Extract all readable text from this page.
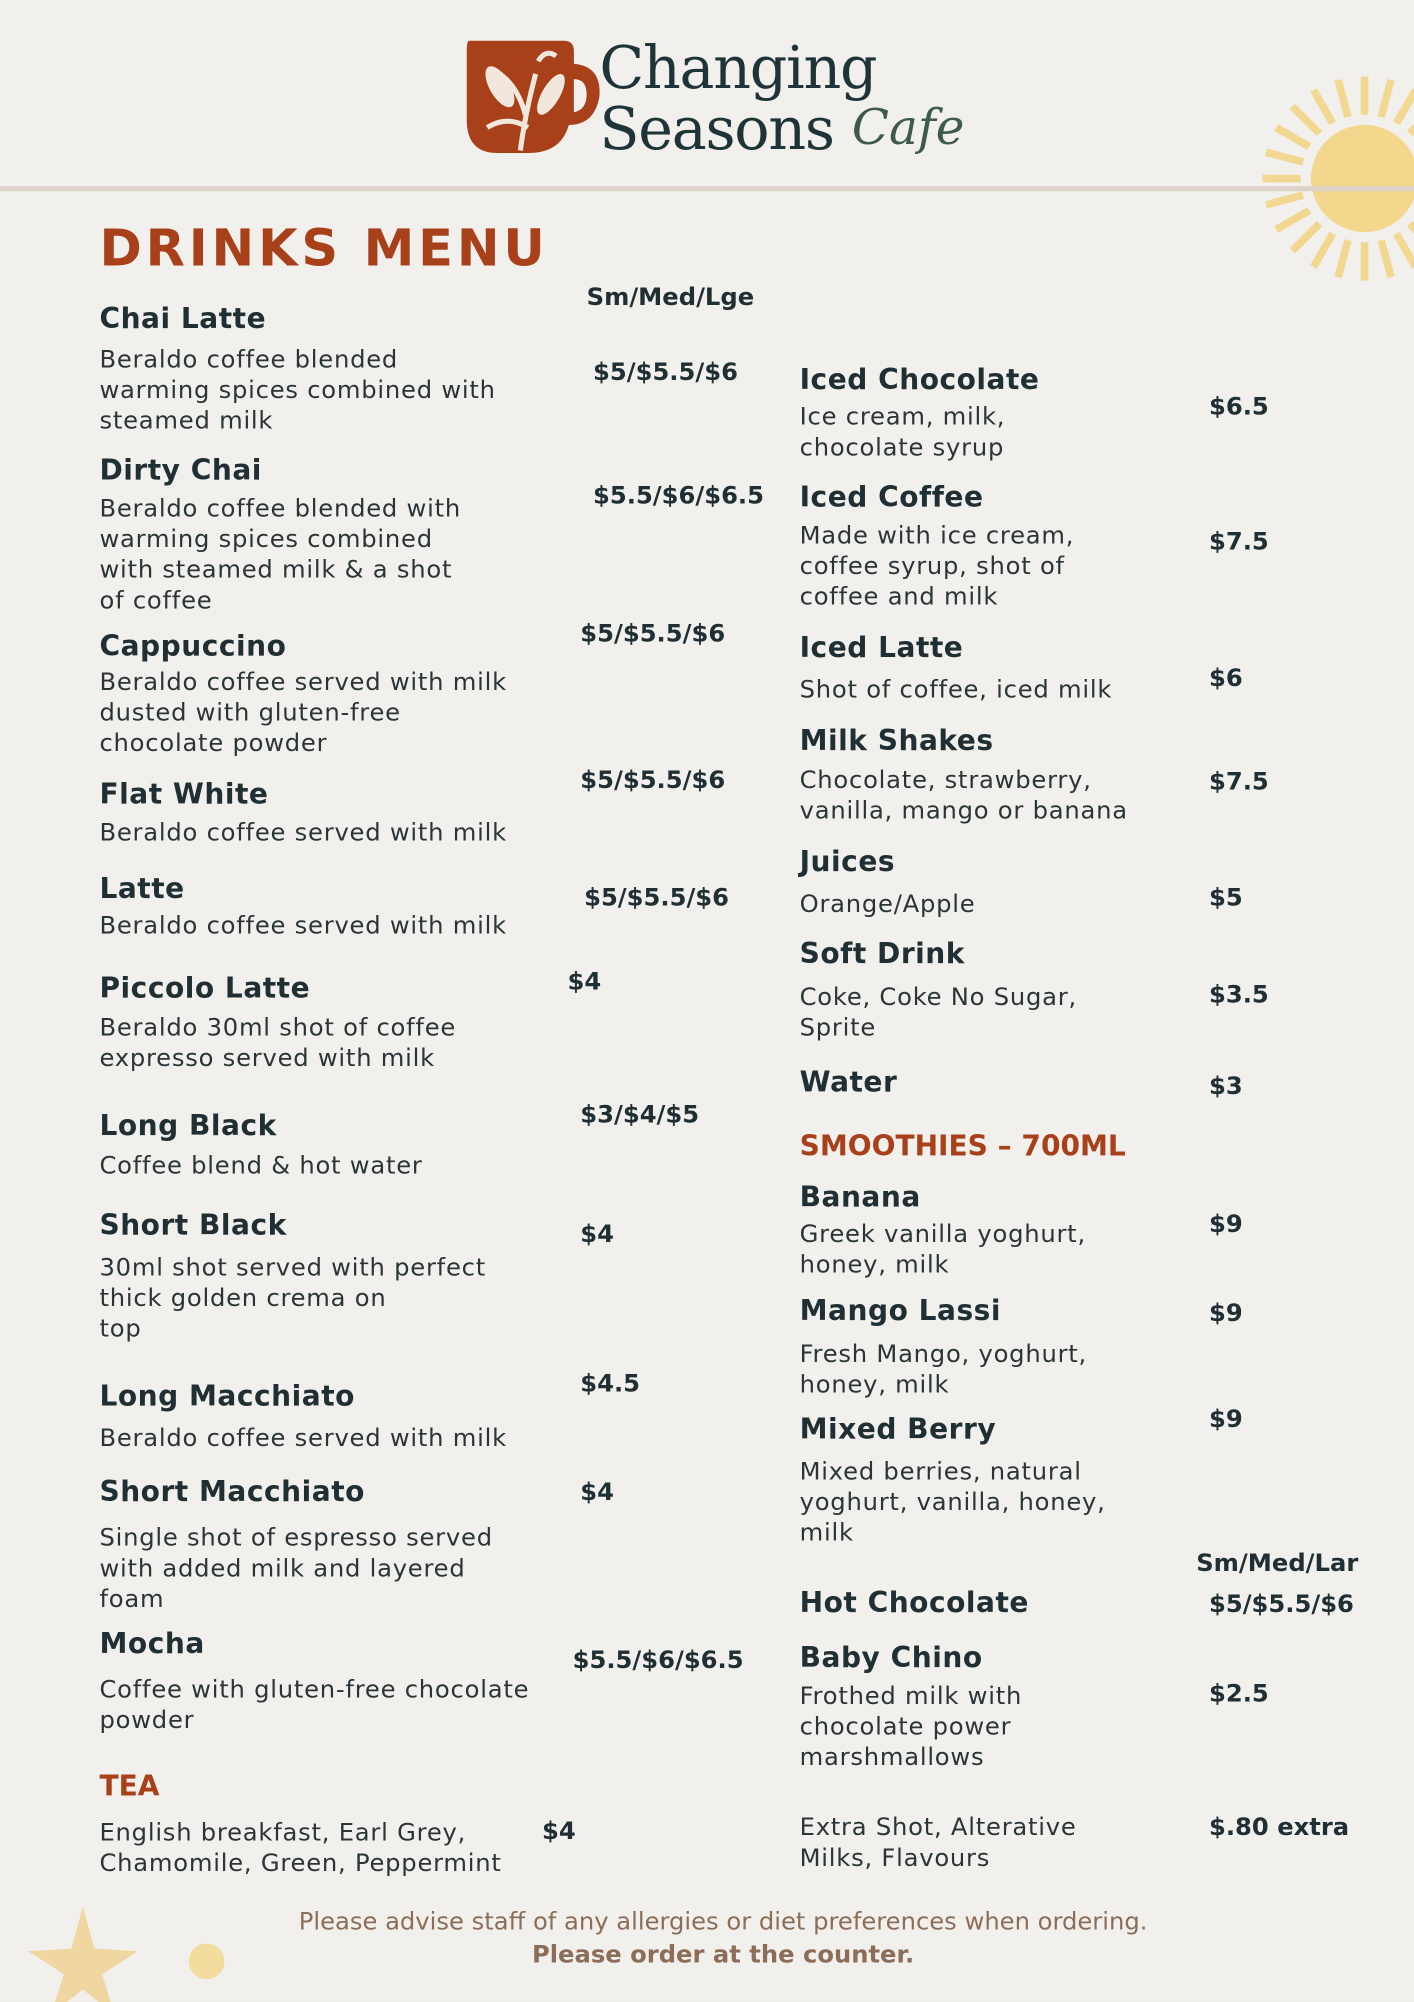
Changing
Seasons Cafe
DRINKS MENU
Sm/Med/Lge
Sm/Med/Lar
Chai Latte
Beraldo coffee blended
warming spices combined with
steamed milk
$5/$5.5/$6
Dirty Chai
Beraldo coffee blended with
warming spices combined
with steamed milk & a shot
of coffee
$5.5/$6/$6.5
Cappuccino
Beraldo coffee served with milk
dusted with gluten-free
chocolate powder
$5/$5.5/$6
Flat White
Beraldo coffee served with milk
$5/$5.5/$6
Latte
Beraldo coffee served with milk
$5/$5.5/$6
Piccolo Latte
Beraldo 30ml shot of coffee
expresso served with milk
$4
Long Black
Coffee blend & hot water
$3/$4/$5
Short Black
30ml shot served with perfect
thick golden crema on
top
$4
Long Macchiato
Beraldo coffee served with milk
$4.5
Short Macchiato
Single shot of espresso served
with added milk and layered
foam
$4
Mocha
Coffee with gluten-free chocolate
powder
$5.5/$6/$6.5
TEA
English breakfast, Earl Grey,
Chamomile, Green, Peppermint
$4
Iced Chocolate
Ice cream, milk,
chocolate syrup
$6.5
Iced Coffee
Made with ice cream,
coffee syrup, shot of
coffee and milk
$7.5
Iced Latte
Shot of coffee, iced milk	$6
Milk Shakes
Chocolate, strawberry,
vanilla, mango or banana
$7.5
Juices
Orange/Apple	$5
Soft Drink
Coke, Coke No Sugar,
Sprite
$3.5
Water	$3
SMOOTHIES – 700ML
Banana
Greek vanilla yoghurt,
honey, milk
$9
Mango Lassi
Fresh Mango, yoghurt,
honey, milk
$9
Mixed Berry
Mixed berries, natural
yoghurt, vanilla, honey,
milk
$9
Hot Chocolate	$5/$5.5/$6
Baby Chino
Frothed milk with
chocolate power
marshmallows
$2.5
Extra Shot, Alterative
Milks, Flavours
$.80 extra
Please advise staff of any allergies or diet preferences when ordering.
Please order at the counter.
